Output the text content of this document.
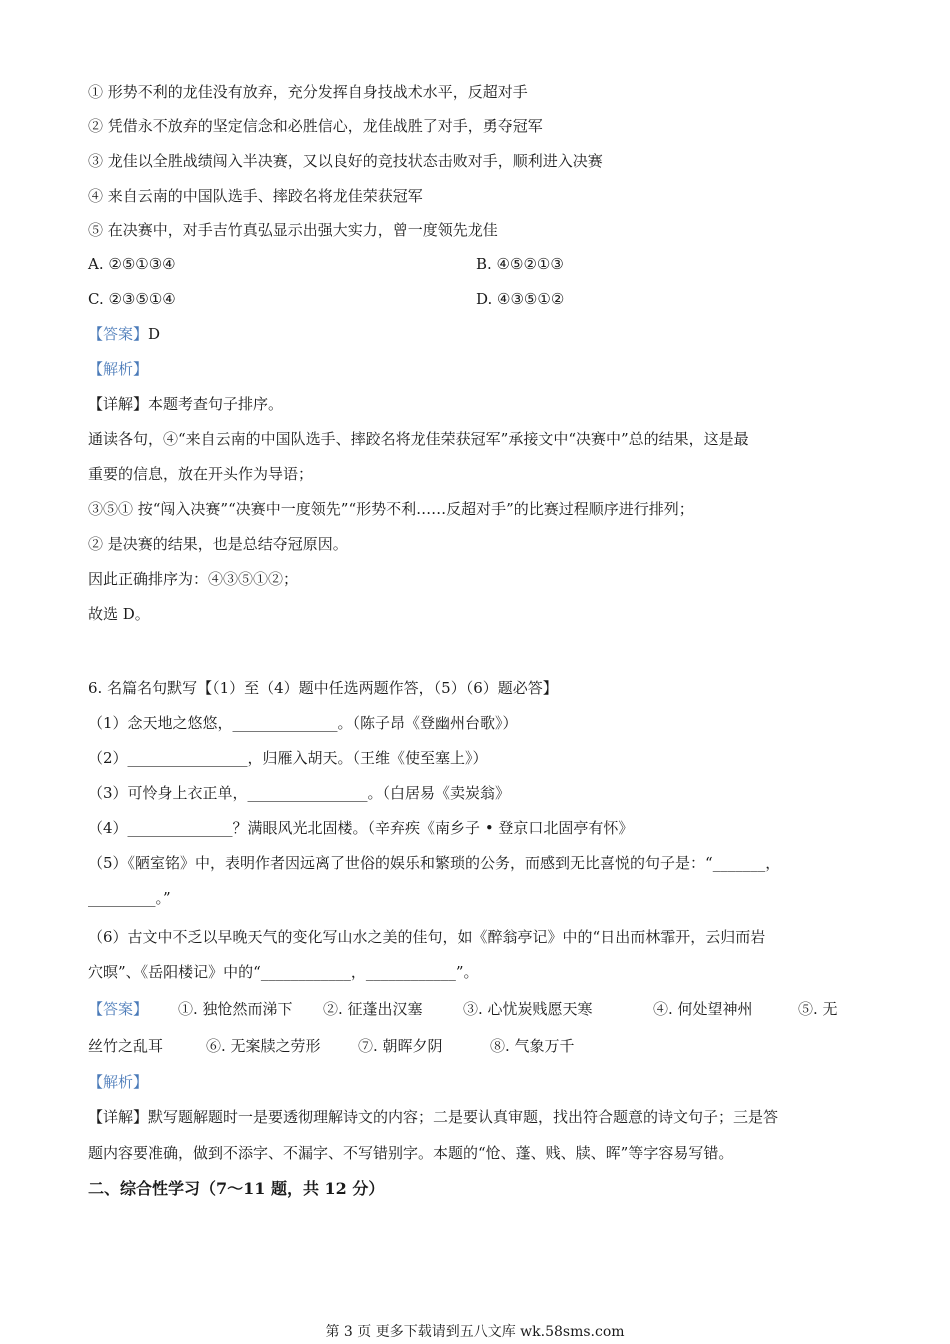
① 形势不利的龙佳没有放弃，充分发挥自身技战术水平，反超对手
② 凭借永不放弃的坚定信念和必胜信心，龙佳战胜了对手，勇夺冠军
③ 龙佳以全胜战绩闯入半决赛，又以良好的竞技状态击败对手，顺利进入决赛
④ 来自云南的中国队选手、摔跤名将龙佳荣获冠军
⑤ 在决赛中，对手吉竹真弘显示出强大实力，曾一度领先龙佳
A. ②⑤①③④	B. ④⑤②①③
C. ②③⑤①④	D. ④③⑤①②
【答案】D
【解析】
【详解】本题考查句子排序。
通读各句，④“来自云南的中国队选手、摔跤名将龙佳荣获冠军”承接文中“决赛中”总的结果，这是最
重要的信息，放在开头作为导语；
③⑤① 按“闯入决赛”“决赛中一度领先”“形势不利……反超对手”的比赛过程顺序进行排列；
② 是决赛的结果，也是总结夺冠原因。
因此正确排序为：④③⑤①②；
故选 D。
6. 名篇名句默写【（1）至（4）题中任选两题作答，（5）（6）题必答】
（1）念天地之悠悠，______________。（陈子昂《登幽州台歌》）
（2）________________，归雁入胡天。（王维《使至塞上》）
（3）可怜身上衣正单，________________。（白居易《卖炭翁》
（4）______________？满眼风光北固楼。（辛弃疾《南乡子 • 登京口北固亭有怀》
（5）《陋室铭》中，表明作者因远离了世俗的娱乐和繁琐的公务，而感到无比喜悦的句子是：“_______，
_________。”
（6）古文中不乏以早晚天气的变化写山水之美的佳句，如《醉翁亭记》中的“日出而林霏开，云归而岩
穴暝”、《岳阳楼记》中的“____________，____________”。
【答案】 ①. 独怆然而涕下 ②. 征蓬出汉塞	③. 心忧炭贱愿天寒	④. 何处望神州	⑤. 无
丝竹之乱耳	⑥. 无案牍之劳形 ⑦. 朝晖夕阴	⑧. 气象万千
【解析】
【详解】默写题解题时一是要透彻理解诗文的内容；二是要认真审题，找出符合题意的诗文句子；三是答
题内容要准确，做到不添字、不漏字、不写错别字。本题的“怆、蓬、贱、牍、晖”等字容易写错。
二、综合性学习（7～11 题，共 12 分）
第 3 页 更多下载请到五八文库 wk.58sms.com
